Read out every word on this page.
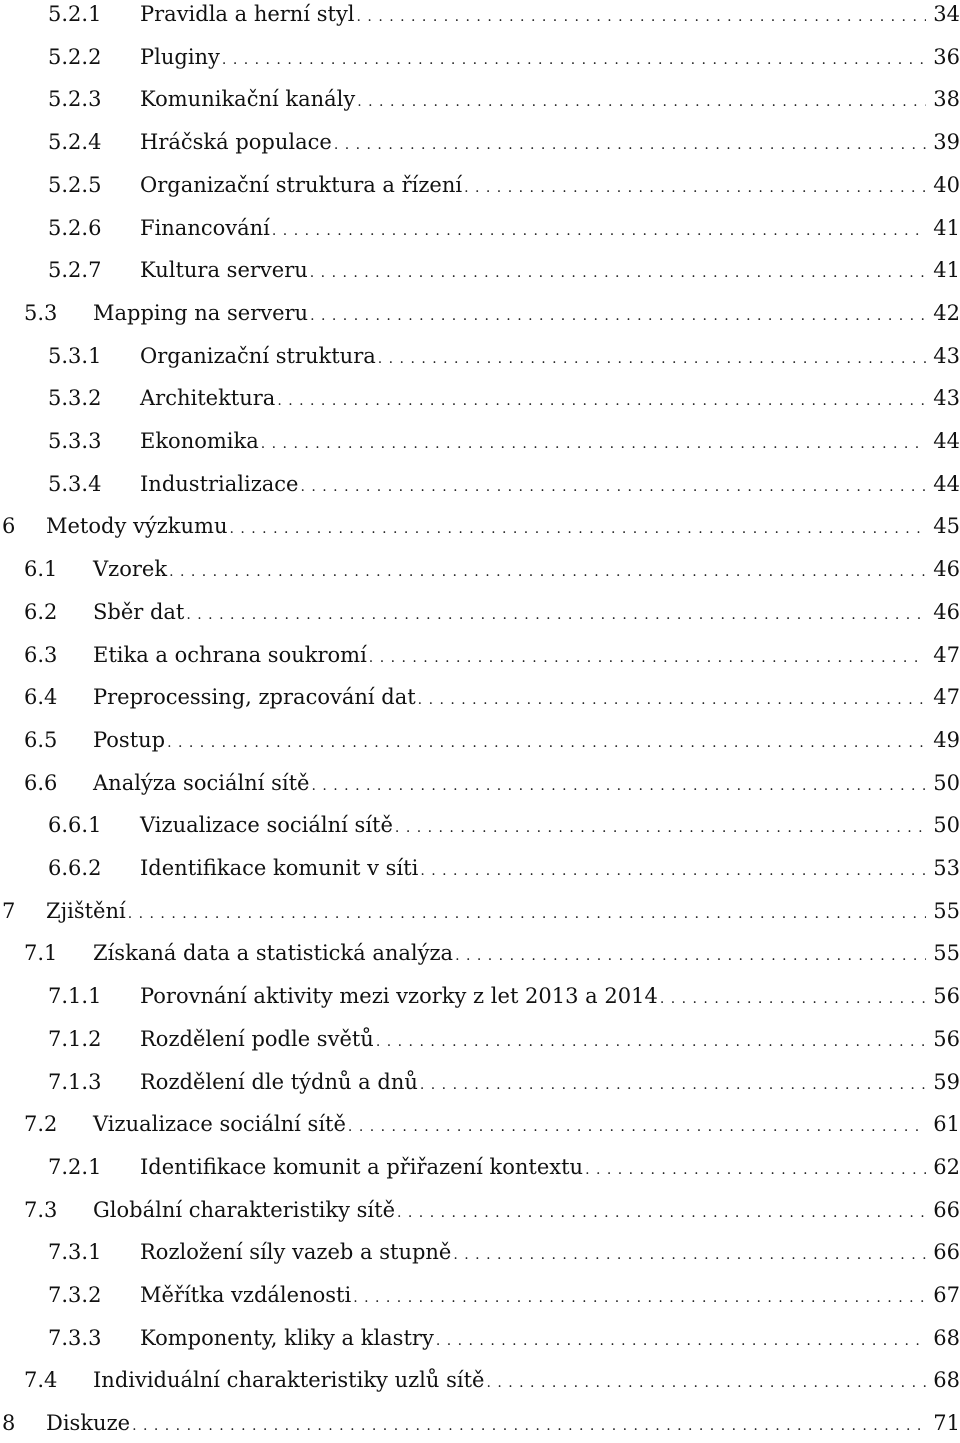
5.2.1 Pravidla a herní styl . . .	34
5.2.2 Pluginy . . .	36
5.2.3 Komunikační kanály . . .	38
5.2.4 Hráčská populace . . .	39
5.2.5 Organizační struktura a řízení . . .	40
5.2.6 Financování . . .	41
5.2.7 Kultura serveru . . .	41
5.3 Mapping na serveru . . .	42
5.3.1 Organizační struktura . . .	43
5.3.2 Architektura . . .	43
5.3.3 Ekonomika . . .	44
5.3.4 Industrializace . . .	44
6 Metody výzkumu . . .	45
6.1 Vzorek . . .	46
6.2 Sběr dat . . .	46
6.3 Etika a ochrana soukromí . . .	47
6.4 Preprocessing, zpracování dat . . .	47
6.5 Postup . . .	49
6.6 Analýza sociální sítě . . .	50
6.6.1 Vizualizace sociální sítě . . .	50
6.6.2 Identifikace komunit v síti . . .	53
7 Zjištění . . .	55
7.1 Získaná data a statistická analýza . . .	55
7.1.1 Porovnání aktivity mezi vzorky z let 2013 a 2014 . . .	56
7.1.2 Rozdělení podle světů . . .	56
7.1.3 Rozdělení dle týdnů a dnů . . .	59
7.2 Vizualizace sociální sítě . . .	61
7.2.1 Identifikace komunit a přiřazení kontextu . . .	62
7.3 Globální charakteristiky sítě . . .	66
7.3.1 Rozložení síly vazeb a stupně . . .	66
7.3.2 Měřítka vzdálenosti . . .	67
7.3.3 Komponenty, kliky a klastry . . .	68
7.4 Individuální charakteristiky uzlů sítě . . .	68
8 Diskuze . . .	71
